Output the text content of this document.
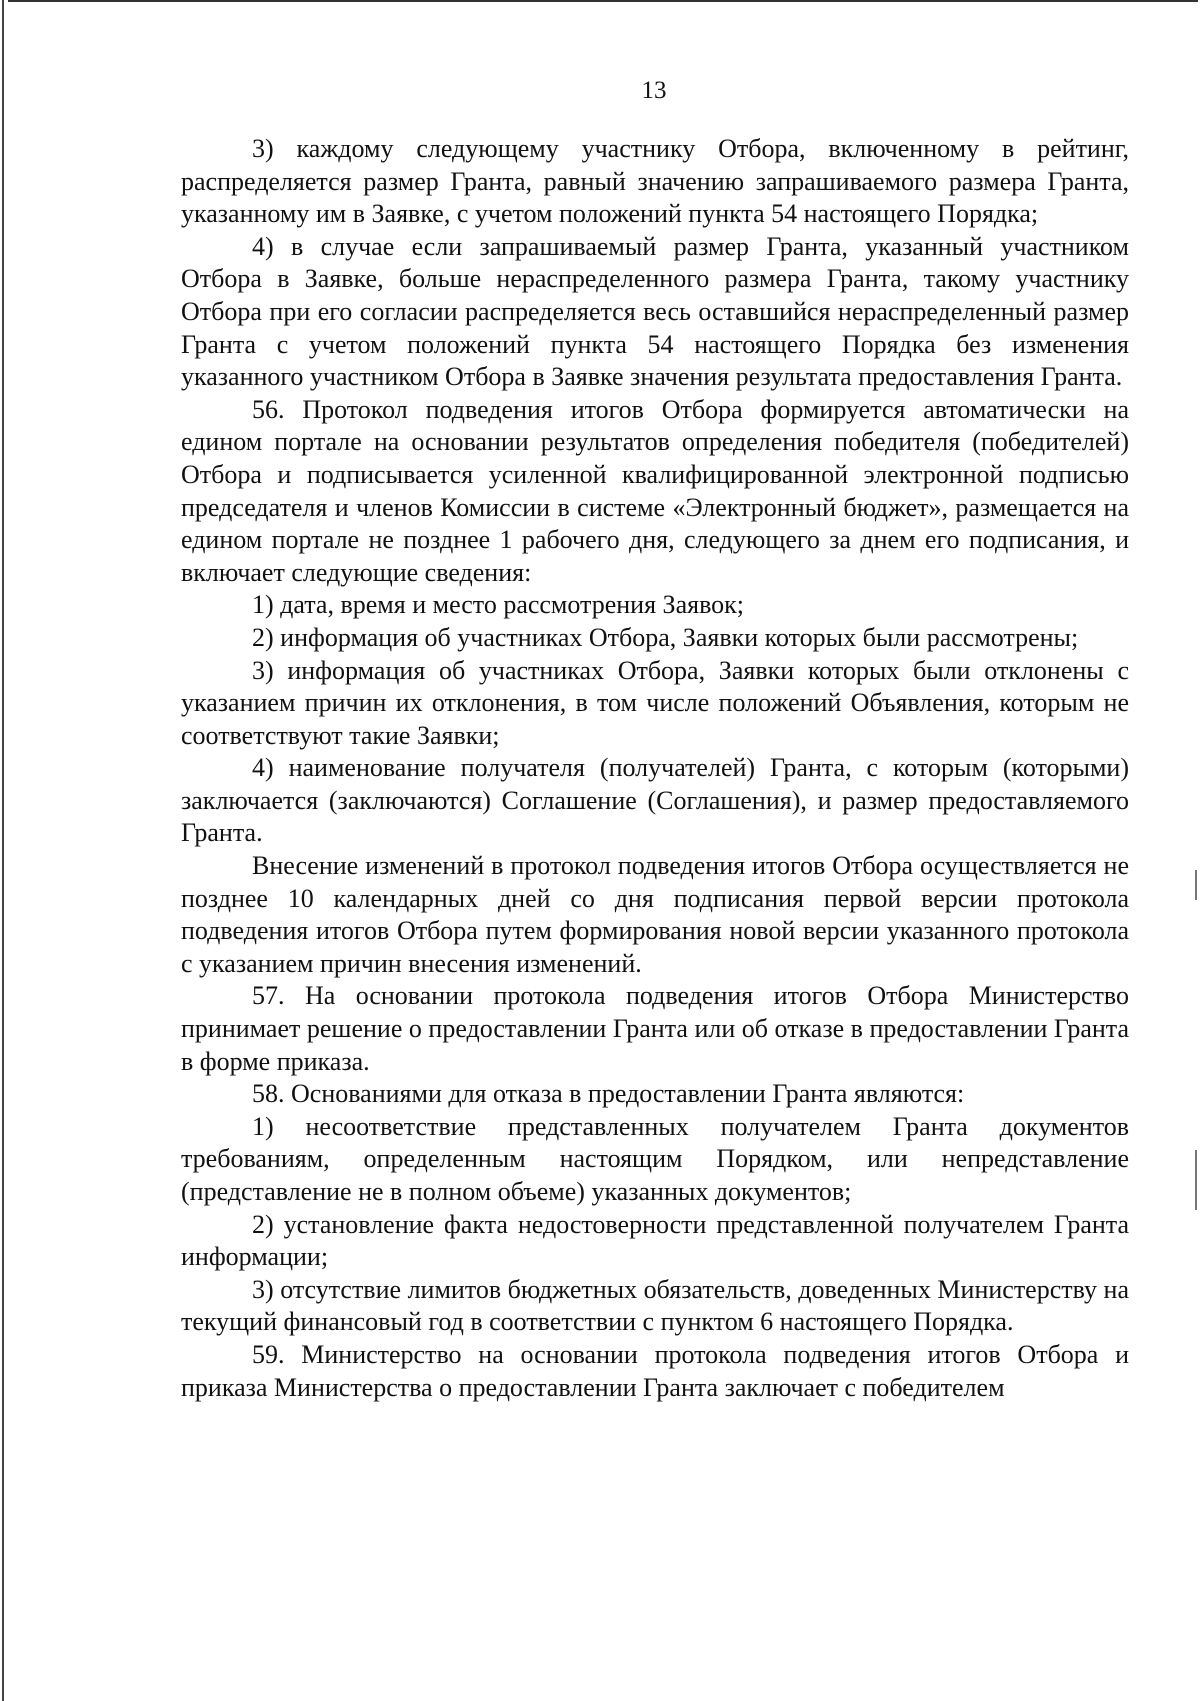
13

3) каждому следующему участнику Отбора, включенному в рейтинг, распределяется размер Гранта, равный значению запрашиваемого размера Гранта, указанному им в Заявке, с учетом положений пункта 54 настоящего Порядка;

4) в случае если запрашиваемый размер Гранта, указанный участником Отбора в Заявке, больше нераспределенного размера Гранта, такому участнику Отбора при его согласии распределяется весь оставшийся нераспределенный размер Гранта с учетом положений пункта 54 настоящего Порядка без изменения указанного участником Отбора в Заявке значения результата предоставления Гранта.

56. Протокол подведения итогов Отбора формируется автоматически на едином портале на основании результатов определения победителя (победителей) Отбора и подписывается усиленной квалифицированной электронной подписью председателя и членов Комиссии в системе «Электронный бюджет», размещается на едином портале не позднее 1 рабочего дня, следующего за днем его подписания, и включает следующие сведения:

1) дата, время и место рассмотрения Заявок;

2) информация об участниках Отбора, Заявки которых были рассмотрены;

3) информация об участниках Отбора, Заявки которых были отклонены с указанием причин их отклонения, в том числе положений Объявления, которым не соответствуют такие Заявки;

4) наименование получателя (получателей) Гранта, с которым (которыми) заключается (заключаются) Соглашение (Соглашения), и размер предоставляемого Гранта.

Внесение изменений в протокол подведения итогов Отбора осуществляется не позднее 10 календарных дней со дня подписания первой версии протокола подведения итогов Отбора путем формирования новой версии указанного протокола с указанием причин внесения изменений.

57. На основании протокола подведения итогов Отбора Министерство принимает решение о предоставлении Гранта или об отказе в предоставлении Гранта в форме приказа.

58. Основаниями для отказа в предоставлении Гранта являются:

1) несоответствие представленных получателем Гранта документов требованиям, определенным настоящим Порядком, или непредставление (представление не в полном объеме) указанных документов;

2) установление факта недостоверности представленной получателем Гранта информации;

3) отсутствие лимитов бюджетных обязательств, доведенных Министерству на текущий финансовый год в соответствии с пунктом 6 настоящего Порядка.

59. Министерство на основании протокола подведения итогов Отбора и приказа Министерства о предоставлении Гранта заключает с победителем
